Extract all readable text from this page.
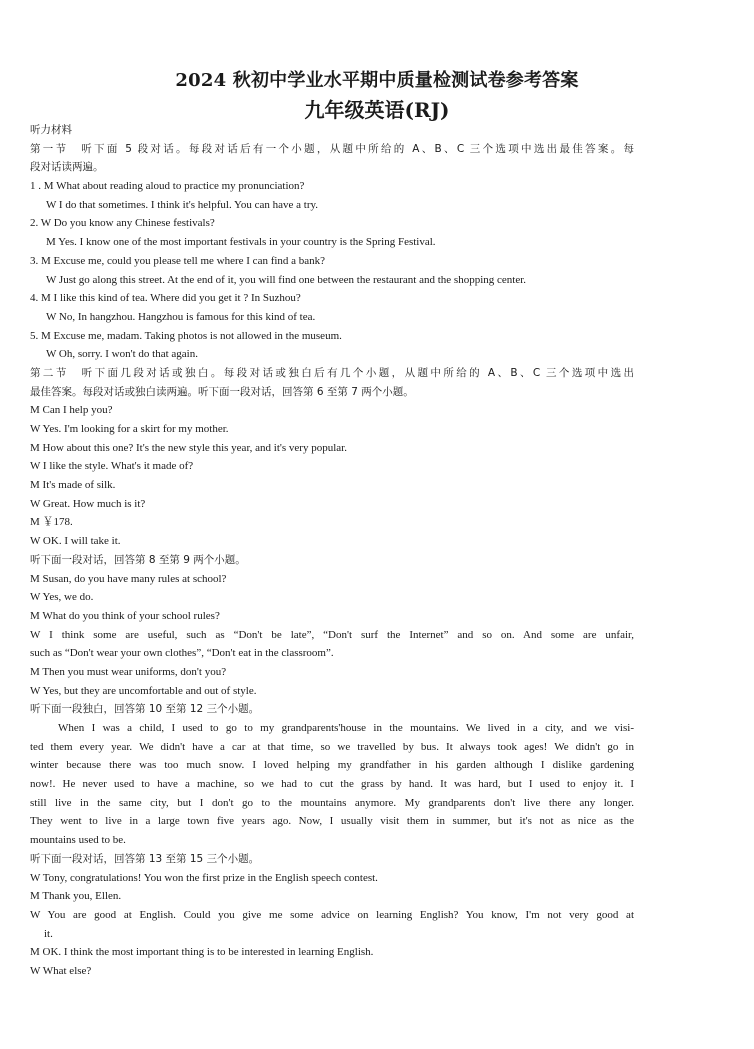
2024 秋初中学业水平期中质量检测试卷参考答案
九年级英语(RJ)
听力材料
第一节　听下面 5 段对话。每段对话后有一个小题，从题中所给的 A、B、C 三个选项中选出最佳答案。每
段对话读两遍。
1 . M What about reading aloud to practice my pronunciation?
W I do that sometimes. I think it's helpful. You can have a try.
2. W Do you know any Chinese festivals?
M Yes. I know one of the most important festivals in your country is the Spring Festival.
3. M Excuse me, could you please tell me where I can find a bank?
W Just go along this street. At the end of it, you will find one between the restaurant and the shopping center.
4. M I like this kind of tea. Where did you get it ? In Suzhou?
W No, In hangzhou. Hangzhou is famous for this kind of tea.
5. M Excuse me, madam. Taking photos is not allowed in the museum.
W Oh, sorry. I won't do that again.
第二节　听下面几段对话或独白。每段对话或独白后有几个小题，从题中所给的 A、B、C 三个选项中选出
最佳答案。每段对话或独白读两遍。听下面一段对话，回答第 6 至第 7 两个小题。
M Can I help you?
W Yes. I'm looking for a skirt for my mother.
M How about this one? It's the new style this year, and it's very popular.
W I like the style. What's it made of?
M It's made of silk.
W Great. How much is it?
M ￥178.
W OK. I will take it.
听下面一段对话，回答第 8 至第 9 两个小题。
M Susan, do you have many rules at school?
W Yes, we do.
M What do you think of your school rules?
W I think some are useful, such as “Don't be late”, “Don't surf the Internet” and so on. And some are unfair,
such as “Don't wear your own clothes”, “Don't eat in the classroom”.
M Then you must wear uniforms, don't you?
W Yes, but they are uncomfortable and out of style.
听下面一段独白，回答第 10 至第 12 三个小题。
When I was a child, I used to go to my grandparents'house in the mountains. We lived in a city, and we visi-
ted them every year. We didn't have a car at that time, so we travelled by bus. It always took ages! We didn't go in
winter because there was too much snow. I loved helping my grandfather in his garden although I dislike gardening
now!. He never used to have a machine, so we had to cut the grass by hand. It was hard, but I used to enjoy it. I
still live in the same city, but I don't go to the mountains anymore. My grandparents don't live there any longer.
They went to live in a large town five years ago. Now, I usually visit them in summer, but it's not as nice as the
mountains used to be.
听下面一段对话，回答第 13 至第 15 三个小题。
W Tony, congratulations! You won the first prize in the English speech contest.
M Thank you, Ellen.
W You are good at English. Could you give me some advice on learning English? You know, I'm not very good at
it.
M OK. I think the most important thing is to be interested in learning English.
W What else?
